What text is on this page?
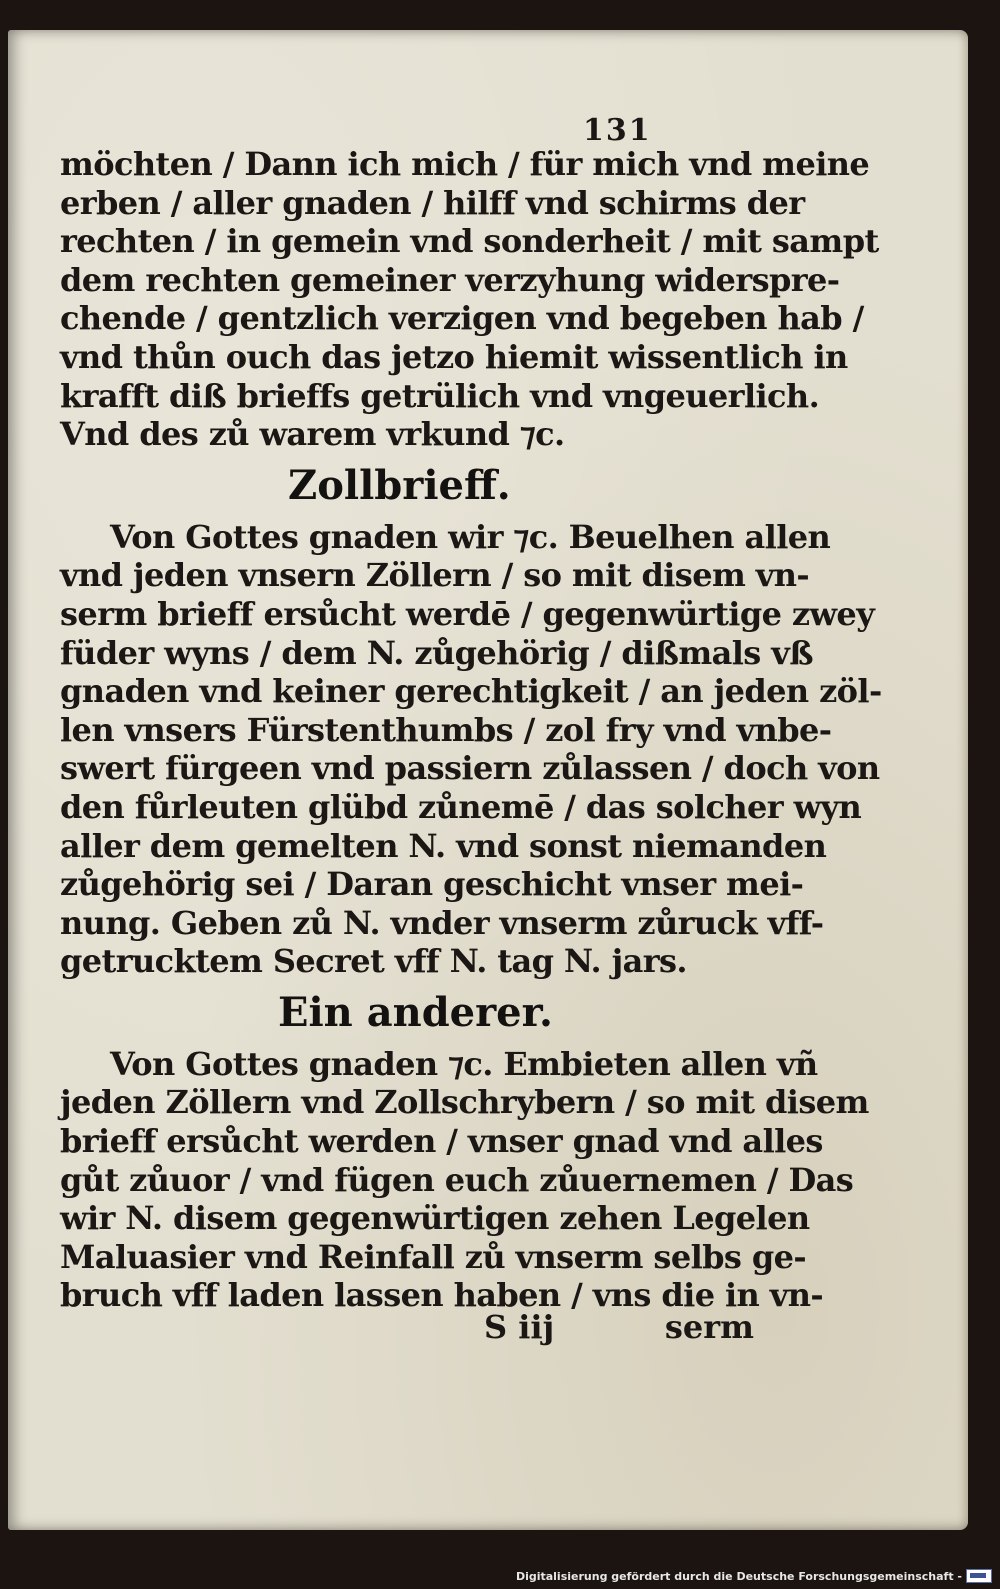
131
möchten / Dann ich mich / für mich vnd meine
erben / aller gnaden / hilff vnd schirms der
rechten / in gemein vnd sonderheit / mit sampt
dem rechten gemeiner verzyhung widerspre-
chende / gentzlich verzigen vnd begeben hab /
vnd thůn ouch das jetzo hiemit wissentlich in
krafft diß brieffs getrülich vnd vngeuerlich.
Vnd des zů warem vrkund ⁊c.
Zollbrieff.
Von Gottes gnaden wir ⁊c. Beuelhen allen
vnd jeden vnsern Zöllern / so mit disem vn-
serm brieff ersůcht werdē / gegenwürtige zwey
füder wyns / dem N. zůgehörig / dißmals vß
gnaden vnd keiner gerechtigkeit / an jeden zöl-
len vnsers Fürstenthumbs / zol fry vnd vnbe-
swert fürgeen vnd passiern zůlassen / doch von
den fůrleuten glübd zůnemē / das solcher wyn
aller dem gemelten N. vnd sonst niemanden
zůgehörig sei / Daran geschicht vnser mei-
nung. Geben zů N. vnder vnserm zůruck vff-
getrucktem Secret vff N. tag N. jars.
Ein anderer.
Von Gottes gnaden ⁊c. Embieten allen vñ
jeden Zöllern vnd Zollschrybern / so mit disem
brieff ersůcht werden / vnser gnad vnd alles
gůt zůuor / vnd fügen euch zůuernemen / Das
wir N. disem gegenwürtigen zehen Legelen
Maluasier vnd Reinfall zů vnserm selbs ge-
bruch vff laden lassen haben / vns die in vn-
S iij	serm
Digitalisierung gefördert durch die Deutsche Forschungsgemeinschaft -
